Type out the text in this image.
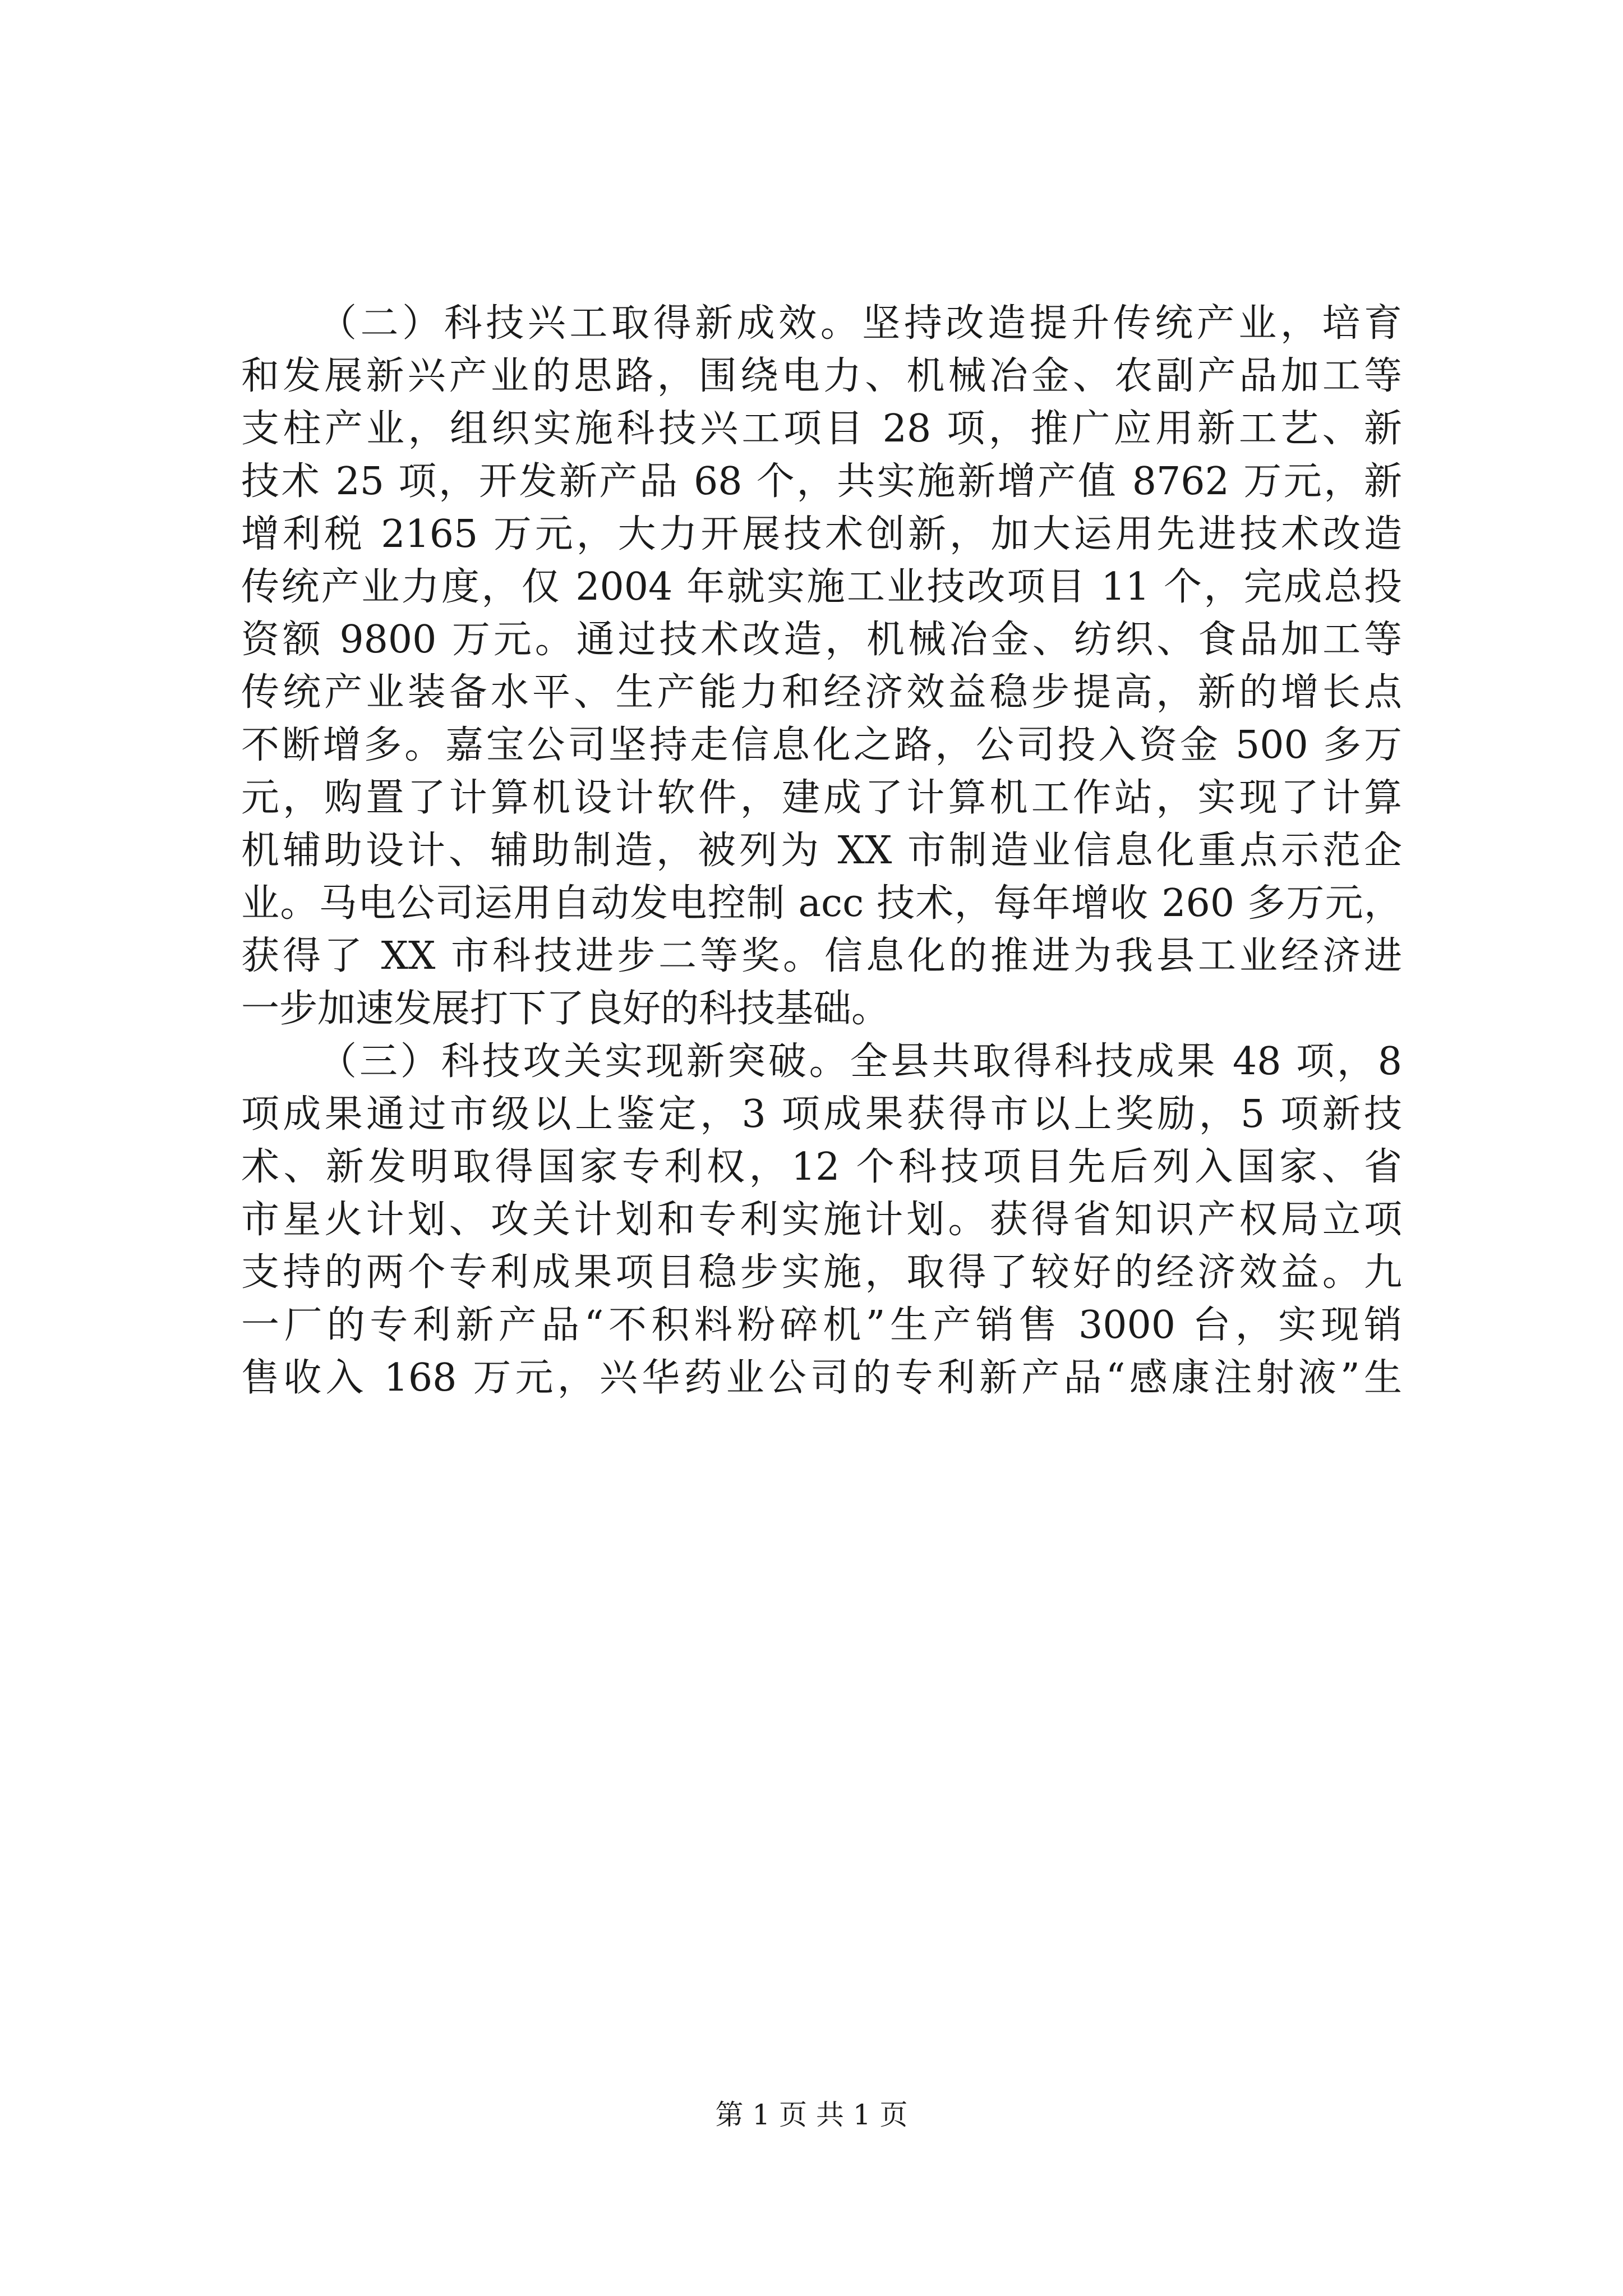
（二）科技兴工取得新成效。坚持改造提升传统产业，培育
和发展新兴产业的思路，围绕电力、机械冶金、农副产品加工等
支柱产业，组织实施科技兴工项目 28 项，推广应用新工艺、新
技术 25 项，开发新产品 68 个，共实施新增产值 8762 万元，新
增利税 2165 万元，大力开展技术创新，加大运用先进技术改造
传统产业力度，仅 2004 年就实施工业技改项目 11 个，完成总投
资额 9800 万元。通过技术改造，机械冶金、纺织、食品加工等
传统产业装备水平、生产能力和经济效益稳步提高，新的增长点
不断增多。嘉宝公司坚持走信息化之路，公司投入资金 500 多万
元，购置了计算机设计软件，建成了计算机工作站，实现了计算
机辅助设计、辅助制造，被列为 XX 市制造业信息化重点示范企
业。马电公司运用自动发电控制 acc 技术，每年增收 260 多万元，
获得了 XX 市科技进步二等奖。信息化的推进为我县工业经济进
一步加速发展打下了良好的科技基础。
（三）科技攻关实现新突破。全县共取得科技成果 48 项，8
项成果通过市级以上鉴定，3 项成果获得市以上奖励，5 项新技
术、新发明取得国家专利权，12 个科技项目先后列入国家、省
市星火计划、攻关计划和专利实施计划。获得省知识产权局立项
支持的两个专利成果项目稳步实施，取得了较好的经济效益。九
一厂的专利新产品“不积料粉碎机”生产销售 3000 台，实现销
售收入 168 万元，兴华药业公司的专利新产品“感康注射液”生
第 1 页 共 1 页
